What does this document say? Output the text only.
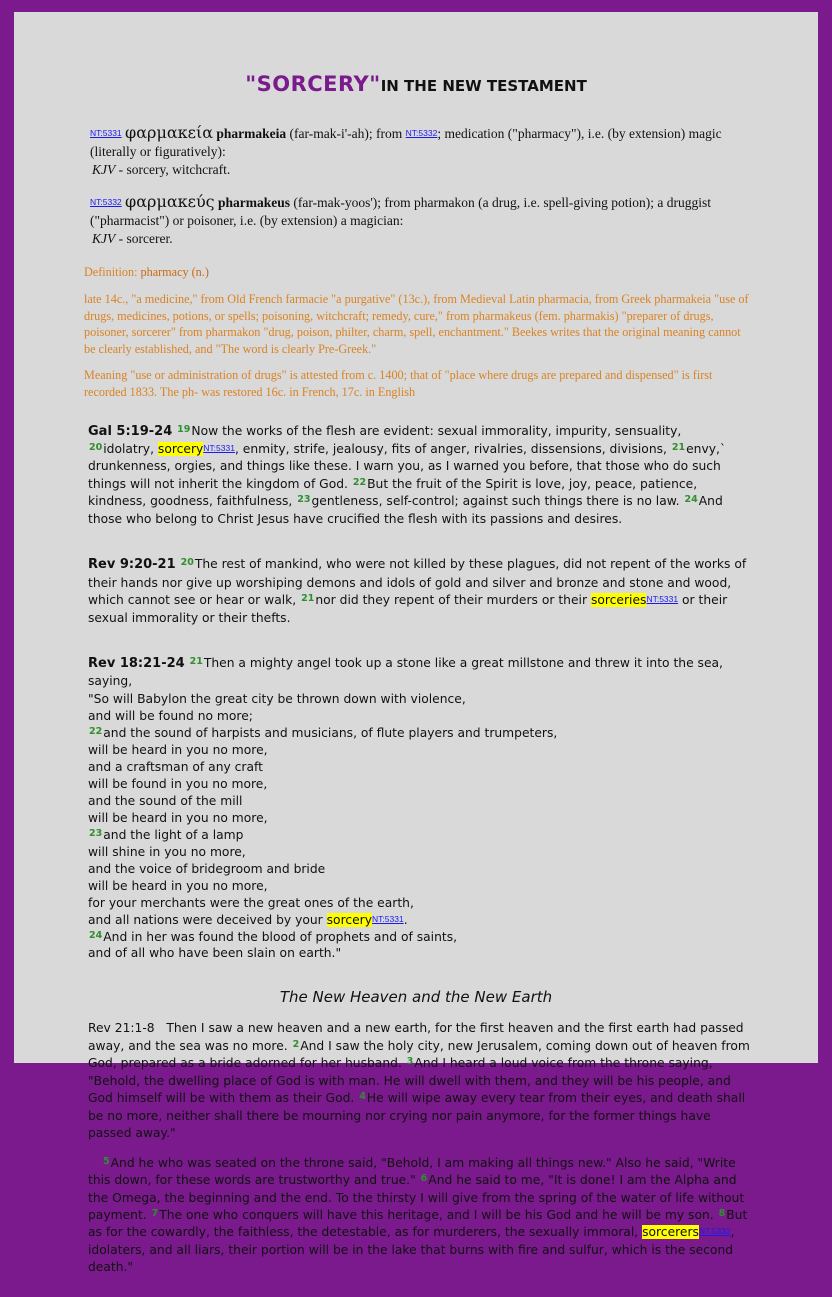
"SORCERY"IN THE NEW TESTAMENT
NT:5331 φαρμακεία pharmakeia (far-mak-i'-ah); from NT:5332; medication ("pharmacy"), i.e. (by extension) magic (literally or figuratively):
KJV - sorcery, witchcraft.
NT:5332 φαρμακεύς pharmakeus (far-mak-yoos'); from pharmakon (a drug, i.e. spell-giving potion); a druggist ("pharmacist") or poisoner, i.e. (by extension) a magician:
KJV - sorcerer.

Definition: pharmacy (n.)

late 14c., "a medicine," from Old French farmacie "a purgative" (13c.), from Medieval Latin pharmacia, from Greek pharmakeia "use of drugs, medicines, potions, or spells; poisoning, witchcraft; remedy, cure," from pharmakeus (fem. pharmakis) "preparer of drugs, poisoner, sorcerer" from pharmakon "drug, poison, philter, charm, spell, enchantment." Beekes writes that the original meaning cannot be clearly established, and "The word is clearly Pre-Greek."

Meaning "use or administration of drugs" is attested from c. 1400; that of "place where drugs are prepared and dispensed" is first recorded 1833. The ph- was restored 16c. in French, 17c. in English

Gal 5:19-24 $^{19}$Now the works of the flesh are evident: sexual immorality, impurity, sensuality, $^{20}$idolatry, sorceryNT:5331, enmity, strife, jealousy, fits of anger, rivalries, dissensions, divisions, $^{21}$envy,ˋ drunkenness, orgies, and things like these. I warn you, as I warned you before, that those who do such things will not inherit the kingdom of God. $^{22}$But the fruit of the Spirit is love, joy, peace, patience, kindness, goodness, faithfulness, $^{23}$gentleness, self-control; against such things there is no law. $^{24}$And those who belong to Christ Jesus have crucified the flesh with its passions and desires.
Rev 9:20-21 $^{20}$The rest of mankind, who were not killed by these plagues, did not repent of the works of their hands nor give up worshiping demons and idols of gold and silver and bronze and stone and wood, which cannot see or hear or walk, $^{21}$nor did they repent of their murders or their sorceriesNT:5331 or their sexual immorality or their thefts.
Rev 18:21-24 $^{21}$Then a mighty angel took up a stone like a great millstone and threw it into the sea, saying,
"So will Babylon the great city be thrown down with violence,
and will be found no more;
$^{22}$and the sound of harpists and musicians, of flute players and trumpeters,
will be heard in you no more,
and a craftsman of any craft
will be found in you no more,
and the sound of the mill
will be heard in you no more,
$^{23}$and the light of a lamp
will shine in you no more,
and the voice of bridegroom and bride
will be heard in you no more,
for your merchants were the great ones of the earth,
and all nations were deceived by your sorceryNT:5331.
$^{24}$And in her was found the blood of prophets and of saints,
and of all who have been slain on earth."
The New Heaven and the New Earth
Rev 21:1-8 Then I saw a new heaven and a new earth, for the first heaven and the first earth had passed away, and the sea was no more. $^2$And I saw the holy city, new Jerusalem, coming down out of heaven from God, prepared as a bride adorned for her husband. $^3$And I heard a loud voice from the throne saying, "Behold, the dwelling place of God is with man. He will dwell with them, and they will be his people, and God himself will be with them as their God. $^4$He will wipe away every tear from their eyes, and death shall be no more, neither shall there be mourning nor crying nor pain anymore, for the former things have passed away."
$^5$And he who was seated on the throne said, "Behold, I am making all things new." Also he said, "Write this down, for these words are trustworthy and true." $^6$And he said to me, "It is done! I am the Alpha and the Omega, the beginning and the end. To the thirsty I will give from the spring of the water of life without payment. $^7$The one who conquers will have this heritage, and I will be his God and he will be my son. $^8$But as for the cowardly, the faithless, the detestable, as for murderers, the sexually immoral, sorcerersNT:5332, idolaters, and all liars, their portion will be in the lake that burns with fire and sulfur, which is the second death."
